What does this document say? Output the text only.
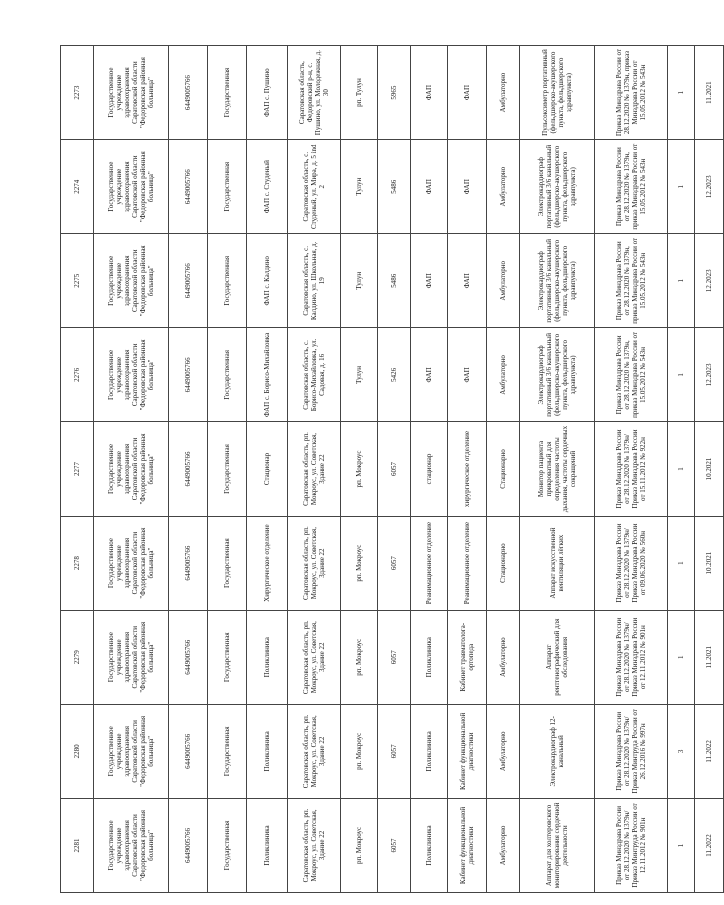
2281	2280	2279	2278	2277	2276	2275	2274	2273
Государственное учреждение здравоохранения Саратовской области "Федоровская районная больница"	Государственное учреждение здравоохранения Саратовской области "Федоровская районная больница"	Государственное учреждение здравоохранения Саратовской области "Федоровская районная больница"	Государственное учреждение здравоохранения Саратовской области "Федоровская районная больница"	Государственное учреждение здравоохранения Саратовской области "Федоровская районная больница"	Государственное учреждение здравоохранения Саратовской области "Федоровская районная больница"	Государственное учреждение здравоохранения Саратовской области "Федоровская районная больница"	Государственное учреждение здравоохранения Саратовской области "Федоровская районная больница"	Государственное учреждение здравоохранения Саратовской области "Федоровская районная больница"
6449005766	6449005766	6449005766	6449005766	6449005766	6449005766	6449005766	6449005766	6449005766
Государственная	Государственная	Государственная	Государственная	Государственная	Государственная	Государственная	Государственная	Государственная
Поликлиника	Поликлиника	Поликлиника	Хирургическое отделение	Стационар	ФАП с. Борисо-Михайловка	ФАП с. Калдино	ФАП с. Студеный	ФАП с. Пушино
Саратовская область, рп. Мокроус, ул. Советская, Здание 22	Саратовская область, рп. Мокроус, ул. Советская, Здание 22	Саратовская область, рп. Мокроус, ул. Советская, Здание 22	Саратовская область, рп. Мокроус, ул. Советская, Здание 22	Саратовская область, рп. Мокроус, ул. Советская, Здание 22	Саратовская область, с. Борисо-Михайловка, ул. Садовая, д. 16	Саратовская область, с. Калдино, ул. Школьная, д. 19	Саратовская область, с. Студеный, ул. Мира, д. 5 ind 2	Саратовская область, Федоровский р-н, с. Пушино, ул. Молодежная, д. 30
рп. Мокроус	рп. Мокроус	рп. Мокроус	рп. Мокроус	рп. Мокроус	Тулун	Тулун	Тулун	рп. Тулун
6057	6057	6057	6057	6057	5426	5486	5486	5965
Поликлиника	Поликлиника	Поликлиника	Реанимационное отделение	стационар	ФАП	ФАП	ФАП	ФАП
Кабинет функциональной диагностики	Кабинет функциональной диагностики	Кабинет травматолога-ортопеда	Реанимационное отделение	хирургическое отделение	ФАП	ФАП	ФАП	ФАП
Амбулаторно	Амбулаторно	Амбулаторно	Стационарно	Стационарно	Амбулаторно	Амбулаторно	Амбулаторно	Амбулаторно
Аппарат для холтеровского мониторирования сердечной деятельности	Электрокардиограф 12-канальный	Аппарат рентгенографический для обследования	Аппарат искусственной вентиляции лёгких	Монитор пациента прикроватный для определения частоты дыхания, частоты сердечных сокращений	Электрокардиограф портативный 3/6 канальный (фельдшерско-акушерского пункта, фельдшерского здравпункта)	Электрокардиограф портативный 3/6 канальный (фельдшерско-акушерского пункта, фельдшерского здравпункта)	Электрокардиограф портативный 3/6 канальный (фельдшерско-акушерского пункта, фельдшерского здравпункта)	Пульсоксиметр портативный (фельдшерско-акушерского пункта, фельдшерского здравпункта)
Приказ Минздрава России от 28.12.2020 № 1379н/Приказ Минтруда России от 12.11.2012 № 901н	Приказ Минздрава России от 28.12.2020 № 1379н/Приказ Минтруда России от 26.12.2016 № 997н	Приказ Минздрава России от 28.12.2020 № 1379н/Приказ Минздрава России от 12.11.2012 № 901н	Приказ Минздрава России от 28.12.2020 № 1379н/Приказ Минздрава России от 09.06.2020 № 560н	Приказ Минздрава России от 28.12.2020 № 1379н/Приказ Минздрава России от 15.11.2012 № 922н	Приказ Минздрава России от 28.12.2020 № 1379н, приказ Минздрава России от 15.05.2012 № 543н	Приказ Минздрава России от 28.12.2020 № 1379н, приказ Минздрава России от 15.05.2012 № 543н	Приказ Минздрава России от 28.12.2020 № 1379н, приказ Минздрава России от 15.05.2012 № 543н	Приказ Минздрава России от 28.12.2020 № 1379н, приказ Минздрава России от 15.05.2012 № 543н
1	3	1	1	1	1	1	1	1
11.2022	11.2022	11.2021	10.2021	10.2021	12.2023	12.2023	12.2023	11.2021
